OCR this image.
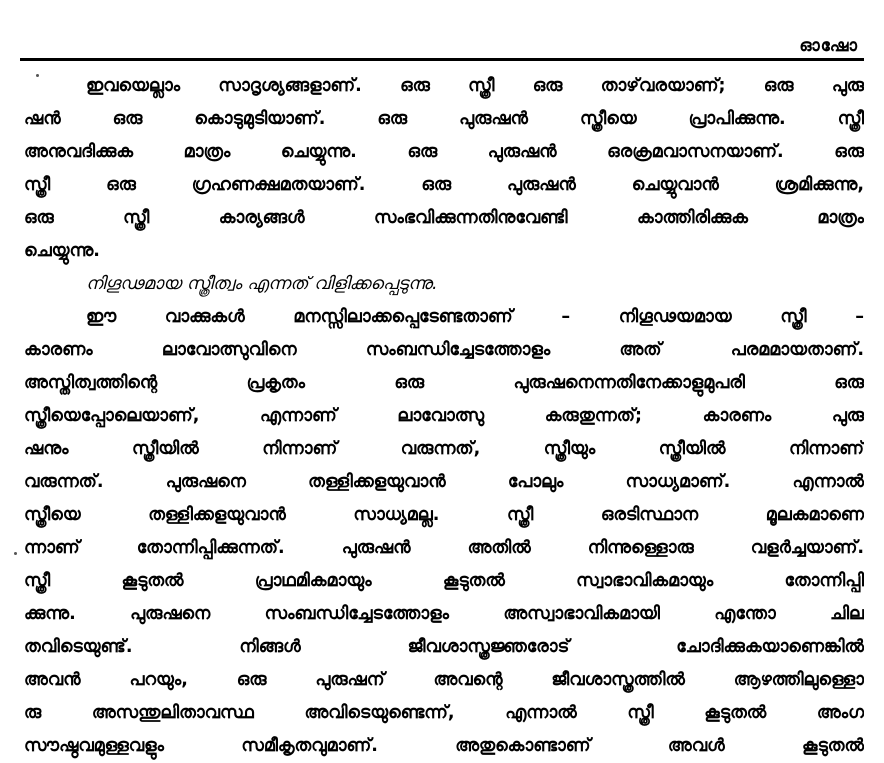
ഓഷോ
ഇവയെല്ലാം സാദൃശ്യങ്ങളാണ്. ഒരു സ്ത്രീ ഒരു താഴ്‌വരയാണ്; ഒരു പുരു
ഷൻ ഒരു കൊടുമുടിയാണ്. ഒരു പുരുഷൻ സ്ത്രീയെ പ്രാപിക്കുന്നു. സ്ത്രീ
അനുവദിക്കുക മാത്രം ചെയ്യുന്നു. ഒരു പുരുഷൻ ഒരക്രമവാസനയാണ്. ഒരു
സ്ത്രീ ഒരു ഗ്രഹണക്ഷമതയാണ്. ഒരു പുരുഷൻ ചെയ്യുവാൻ ശ്രമിക്കുന്നു,
ഒരു സ്ത്രീ കാര്യങ്ങൾ സംഭവിക്കുന്നതിനുവേണ്ടി കാത്തിരിക്കുക മാത്രം
ചെയ്യുന്നു.
നിഗൂഢമായ സ്ത്രീത്വം എന്നത് വിളിക്കപ്പെടുന്നു.
ഈ വാക്കുകൾ മനസ്സിലാക്കപ്പെടേണ്ടതാണ് – നിഗൂഢയമായ സ്ത്രീ –
കാരണം ലാവോത്സുവിനെ സംബന്ധിച്ചേടത്തോളം അത് പരമമായതാണ്.
അസ്തിത്വത്തിന്റെ പ്രകൃതം ഒരു പുരുഷനെന്നതിനേക്കാളുമുപരി ഒരു
സ്ത്രീയെപ്പോലെയാണ്, എന്നാണ് ലാവോത്സു കരുതുന്നത്; കാരണം പുരു
ഷനും സ്ത്രീയിൽ നിന്നാണ് വരുന്നത്, സ്ത്രീയും സ്ത്രീയിൽ നിന്നാണ്
വരുന്നത്. പുരുഷനെ തള്ളിക്കളയുവാൻ പോലും സാധ്യമാണ്. എന്നാൽ
സ്ത്രീയെ തള്ളിക്കളയുവാൻ സാധ്യമല്ല. സ്ത്രീ ഒരടിസ്ഥാന മൂലകമാണെ
ന്നാണ് തോന്നിപ്പിക്കുന്നത്. പുരുഷൻ അതിൽ നിന്നുള്ളൊരു വളർച്ചയാണ്.
സ്ത്രീ കൂടുതൽ പ്രാഥമികമായും കൂടുതൽ സ്വാഭാവികമായും തോന്നിപ്പി
ക്കുന്നു. പുരുഷനെ സംബന്ധിച്ചേടത്തോളം അസ്വാഭാവികമായി എന്തോ ചില
തവിടെയുണ്ട്. നിങ്ങൾ ജീവശാസ്ത്രജ്ഞരോട് ചോദിക്കുകയാണെങ്കിൽ
അവൻ പറയും, ഒരു പുരുഷന് അവന്റെ ജീവശാസ്ത്രത്തിൽ ആഴത്തിലുള്ളൊ
രു അസന്തുലിതാവസ്ഥ അവിടെയുണ്ടെന്ന്, എന്നാൽ സ്ത്രീ കൂടുതൽ അംഗ
സൗഷ്ഠവമുള്ളവളും സമീകൃതവുമാണ്. അതുകൊണ്ടാണ് അവൾ കൂടുതൽ
